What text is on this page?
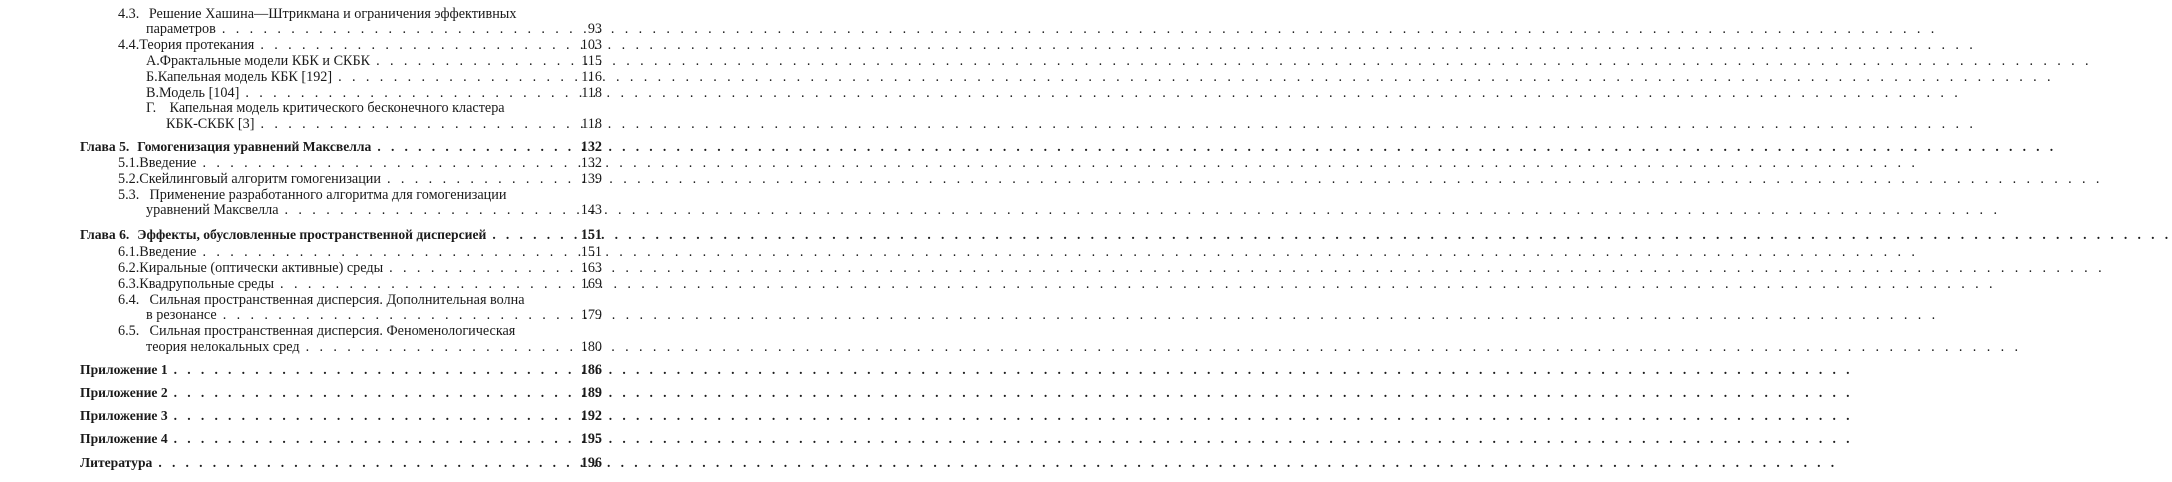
4.3. Решение Хашина—Штрикмана и ограничения эффективных
параметров . . .	93
4.4. Теория протекания . . .	103
А. Фрактальные модели КБК и СКБК . . .	115
Б. Капельная модель КБК [192] . . .	116
В. Модель [104] . . .	118
Г. Капельная модель критического бесконечного кластера
КБК-СКБК [3] . . .	118
Глава 5. Гомогенизация уравнений Максвелла . . .	132
5.1. Введение . . .	132
5.2. Скейлинговый алгоритм гомогенизации . . .	139
5.3. Применение разработанного алгоритма для гомогенизации
уравнений Максвелла . . .	143
Глава 6. Эффекты, обусловленные пространственной дисперсией . . .	151
6.1. Введение . . .	151
6.2. Киральные (оптически активные) среды . . .	163
6.3. Квадрупольные среды . . .	169
6.4. Сильная пространственная дисперсия. Дополнительная волна
в резонансе . . .	179
6.5. Сильная пространственная дисперсия. Феноменологическая
теория нелокальных сред . . .	180
Приложение 1 . . .	186
Приложение 2 . . .	189
Приложение 3 . . .	192
Приложение 4 . . .	195
Литература . . .	196
